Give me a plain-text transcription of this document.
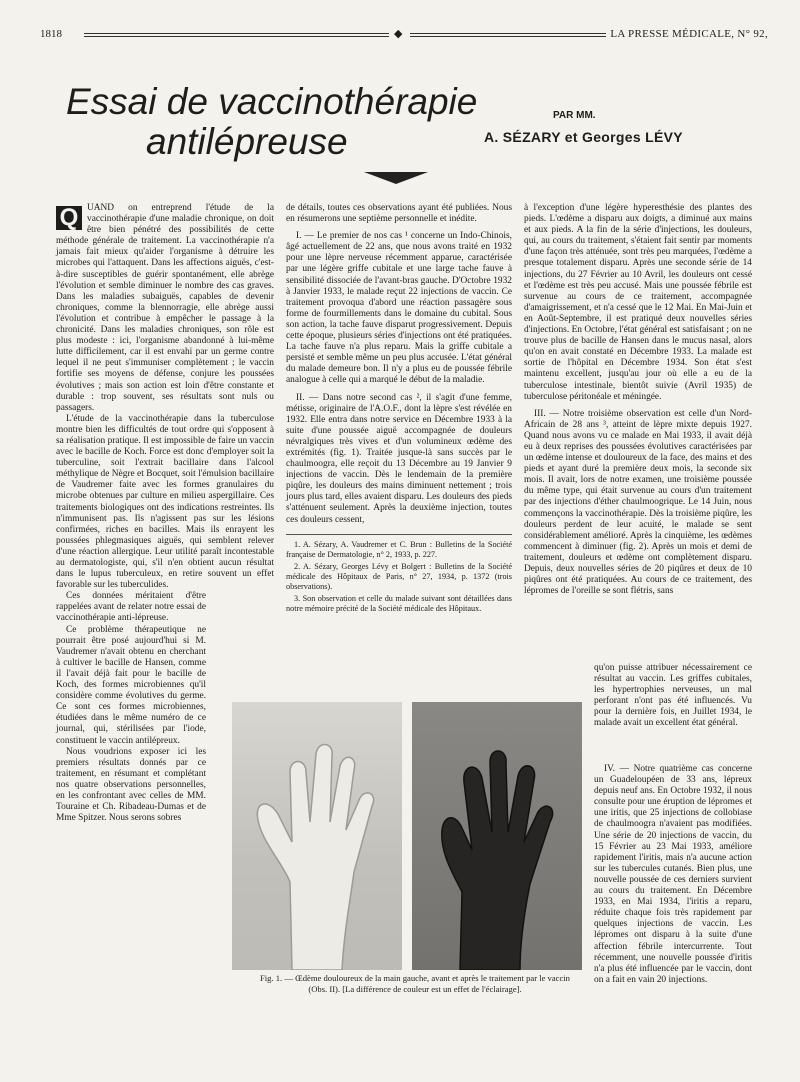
1818	◆	LA PRESSE MÉDICALE, N° 92,
Essai de vaccinothérapie
antilépreuse
PAR MM.
A. SÉZARY et Georges LÉVY

Q UAND on entreprend l'étude de la vaccinothérapie d'une maladie chronique, on doit être bien pénétré des possibilités de cette méthode générale de traitement. La vaccinothérapie n'a jamais fait mieux qu'aider l'organisme à détruire les microbes qui l'attaquent. Dans les affections aiguës, c'est-à-dire susceptibles de guérir spontanément, elle abrège l'évolution et semble diminuer le nombre des cas graves. Dans les maladies subaiguës, capables de devenir chroniques, comme la blennorragie, elle abrège aussi l'évolution et contribue à empêcher le passage à la chronicité. Dans les maladies chroniques, son rôle est plus modeste : ici, l'organisme abandonné à lui-même lutte difficilement, car il est envahi par un germe contre lequel il ne peut s'immuniser complètement ; le vaccin fortifie ses moyens de défense, conjure les poussées évolutives ; mais son action est loin d'être constante et durable : trop souvent, ses résultats sont nuls ou passagers.

L'étude de la vaccinothérapie dans la tuberculose montre bien les difficultés de tout ordre qui s'opposent à sa réalisation pratique. Il est impossible de faire un vaccin avec le bacille de Koch. Force est donc d'employer soit la tuberculine, soit l'extrait bacillaire dans l'alcool méthylique de Nègre et Bocquet, soit l'émulsion bacillaire de Vaudremer faite avec les formes granulaires du microbe obtenues par culture en milieu aspergillaire. Ces traitements biologiques ont des indications restreintes. Ils n'immunisent pas. Ils n'agissent pas sur les lésions confirmées, riches en bacilles. Mais ils enrayent les poussées phlegmasiques aiguës, qui semblent relever d'une réaction allergique. Leur utilité paraît incontestable au dermatologiste, qui, s'il n'en obtient aucun résultat dans le lupus tuberculeux, en retire souvent un effet favorable sur les tuberculides.

Ces données méritaient d'être rappelées avant de relater notre essai de vaccinothérapie anti-lépreuse.

Ce problème thérapeutique ne pourrait être posé aujourd'hui si M. Vaudremer n'avait obtenu en cherchant à cultiver le bacille de Hansen, comme il l'avait déjà fait pour le bacille de Koch, des formes microbiennes qu'il considère comme évolutives du germe. Ce sont ces formes microbiennes, étudiées dans le même numéro de ce journal, qui, stérilisées par l'iode, constituent le vaccin antilépreux.

Nous voudrions exposer ici les premiers résultats donnés par ce traitement, en résumant et complétant nos quatre observations personnelles, en les confrontant avec celles de MM. Touraine et Ch. Ribadeau-Dumas et de Mme Spitzer. Nous serons sobres

de détails, toutes ces observations ayant été publiées. Nous en résumerons une septième personnelle et inédite.

I. — Le premier de nos cas ¹ concerne un Indo-Chinois, âgé actuellement de 22 ans, que nous avons traité en 1932 pour une lèpre nerveuse récemment apparue, caractérisée par une légère griffe cubitale et une large tache fauve à sensibilité dissociée de l'avant-bras gauche. D'Octobre 1932 à Janvier 1933, le malade reçut 22 injections de vaccin. Ce traitement provoqua d'abord une réaction passagère sous forme de fourmillements dans le domaine du cubital. Sous son action, la tache fauve disparut progressivement. Depuis cette époque, plusieurs séries d'injections ont été pratiquées. La tache fauve n'a plus reparu. Mais la griffe cubitale a persisté et semble même un peu plus accusée. L'état général du malade demeure bon. Il n'y a plus eu de poussée fébrile analogue à celle qui a marqué le début de la maladie.

II. — Dans notre second cas ², il s'agit d'une femme, métisse, originaire de l'A.O.F., dont la lèpre s'est révélée en 1932. Elle entra dans notre service en Décembre 1933 à la suite d'une poussée aiguë accompagnée de douleurs névralgiques très vives et d'un volumineux œdème des extrémités (fig. 1). Traitée jusque-là sans succès par le chaulmoogra, elle reçoit du 13 Décembre au 19 Janvier 9 injections de vaccin. Dès le lendemain de la première piqûre, les douleurs des mains diminuent nettement ; trois jours plus tard, elles avaient disparu. Les douleurs des pieds s'atténuent seulement. Après la deuxième injection, toutes ces douleurs cessent,

1. A. Sézary, A. Vaudremer et C. Brun : Bulletins de la Société française de Dermatologie, n° 2, 1933, p. 227.

2. A. Sézary, Georges Lévy et Bolgert : Bulletins de la Société médicale des Hôpitaux de Paris, n° 27, 1934, p. 1372 (trois observations).

3. Son observation et celle du malade suivant sont détaillées dans notre mémoire précité de la Société médicale des Hôpitaux.

à l'exception d'une légère hyperesthésie des plantes des pieds. L'œdème a disparu aux doigts, a diminué aux mains et aux pieds. A la fin de la série d'injections, les douleurs, qui, au cours du traitement, s'étaient fait sentir par moments d'une façon très atténuée, sont très peu marquées, l'œdème a presque totalement disparu. Après une seconde série de 14 injections, du 27 Février au 10 Avril, les douleurs ont cessé et l'œdème est très peu accusé. Mais une poussée fébrile est survenue au cours de ce traitement, accompagnée d'amaigrissement, et n'a cessé que le 12 Mai. En Mai-Juin et en Août-Septembre, il est pratiqué deux nouvelles séries d'injections. En Octobre, l'état général est satisfaisant ; on ne trouve plus de bacille de Hansen dans le mucus nasal, alors qu'on en avait constaté en Décembre 1933. La malade est sortie de l'hôpital en Décembre 1934. Son état s'est maintenu excellent, jusqu'au jour où elle a eu de la tuberculose intestinale, bientôt suivie (Avril 1935) de tuberculose péritonéale et méningée.

III. — Notre troisième observation est celle d'un Nord-Africain de 28 ans ³, atteint de lèpre mixte depuis 1927. Quand nous avons vu ce malade en Mai 1933, il avait déjà eu à deux reprises des poussées évolutives caractérisées par un œdème intense et douloureux de la face, des mains et des pieds et ayant duré la première deux mois, la seconde six mois. Il avait, lors de notre examen, une troisième poussée du même type, qui était survenue au cours d'un traitement par des injections d'éther chaulmoogrique. Le 14 Juin, nous commençons la vaccinothérapie. Dès la troisième piqûre, les douleurs perdent de leur acuité, le malade se sent considérablement amélioré. Après la cinquième, les œdèmes commencent à diminuer (fig. 2). Après un mois et demi de traitement, douleurs et œdème ont complètement disparu. Depuis, deux nouvelles séries de 20 piqûres et deux de 10 piqûres ont été pratiquées. Au cours de ce traitement, des lépromes de l'oreille se sont flétris, sans

qu'on puisse attribuer nécessairement ce résultat au vaccin. Les griffes cubitales, les hypertrophies nerveuses, un mal perforant n'ont pas été influencés. Vu pour la dernière fois, en Juillet 1934, le malade avait un excellent état général.

IV. — Notre quatrième cas concerne un Guadeloupéen de 33 ans, lépreux depuis neuf ans. En Octobre 1932, il nous consulte pour une éruption de lépromes et une iritis, que 25 injections de collobiase de chaulmoogra n'avaient pas modifiées. Une série de 20 injections de vaccin, du 15 Février au 23 Mai 1933, améliore rapidement l'iritis, mais n'a aucune action sur les tubercules cutanés. Bien plus, une nouvelle poussée de ces derniers survient au cours du traitement. En Décembre 1933, en Mai 1934, l'iritis a reparu, réduite chaque fois très rapidement par quelques injections de vaccin. Les lépromes ont disparu à la suite d'une affection fébrile intercurrente. Tout récemment, une nouvelle poussée d'iritis n'a plus été influencée par le vaccin, dont on a fait en vain 20 injections.

Fig. 1. — Œdème douloureux de la main gauche, avant et après le traitement par le vaccin (Obs. II). [La différence de couleur est un effet de l'éclairage].
